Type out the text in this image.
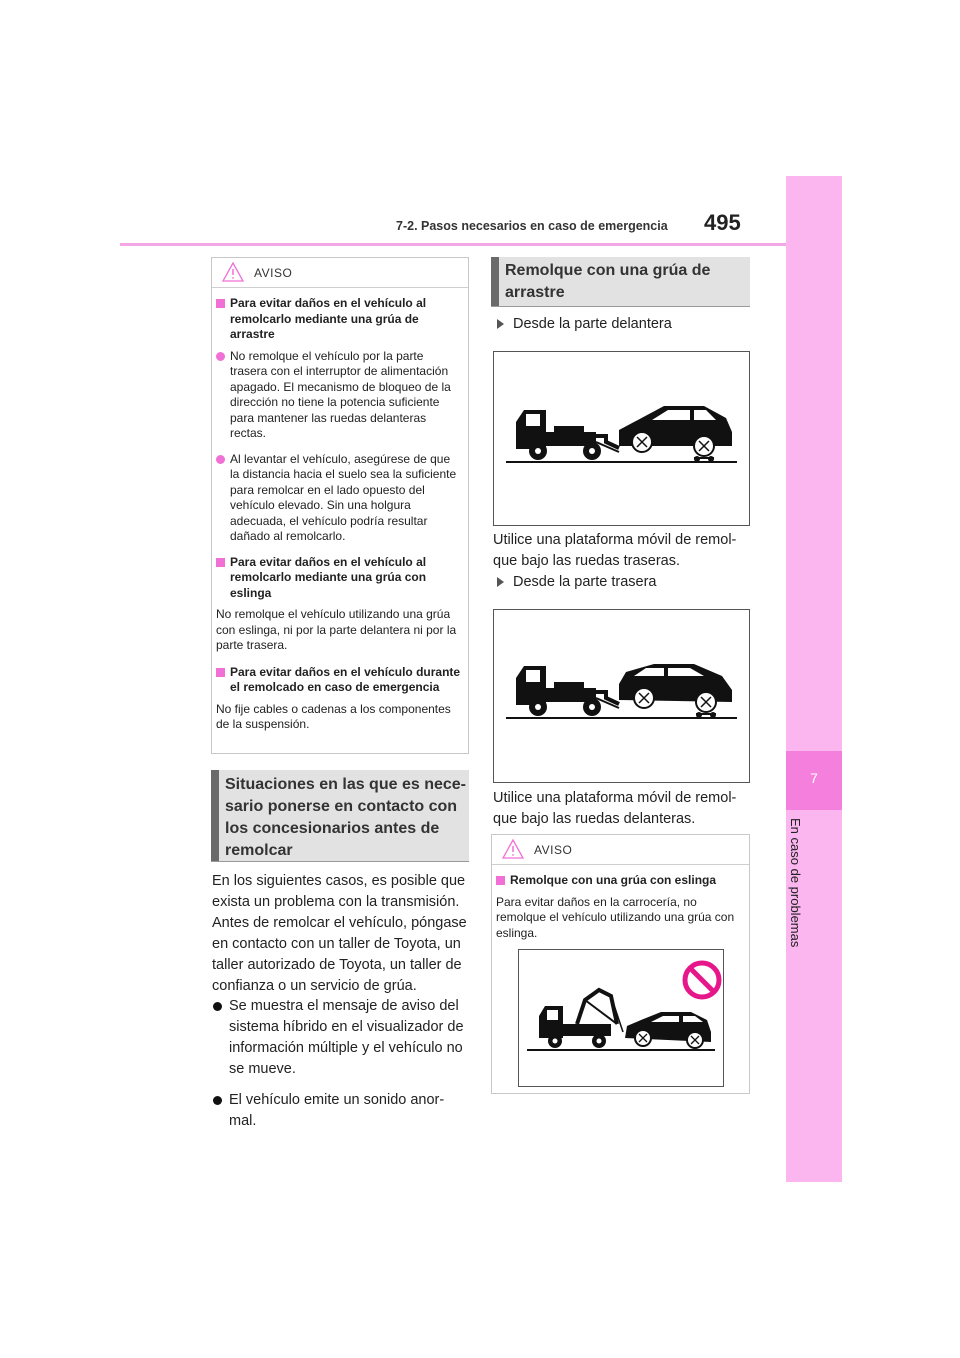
7-2. Pasos necesarios en caso de emergencia 495
7
En caso de problemas
AVISO
Para evitar daños en el vehículo al remolcarlo mediante una grúa de arrastre
No remolque el vehículo por la parte trasera con el interruptor de alimentación apagado. El mecanismo de bloqueo de la dirección no tiene la potencia suficiente para mantener las ruedas delanteras rectas.
Al levantar el vehículo, asegúrese de que la distancia hacia el suelo sea la suficiente para remolcar en el lado opuesto del vehículo elevado. Sin una holgura adecuada, el vehículo podría resultar dañado al remolcarlo.
Para evitar daños en el vehículo al remolcarlo mediante una grúa con eslinga
No remolque el vehículo utilizando una grúa con eslinga, ni por la parte delantera ni por la parte trasera.
Para evitar daños en el vehículo durante el remolcado en caso de emergencia
No fije cables o cadenas a los componentes de la suspensión.
Situaciones en las que es nece-
sario ponerse en contacto con
los concesionarios antes de
remolcar
En los siguientes casos, es posible que
exista un problema con la transmisión.
Antes de remolcar el vehículo, póngase
en contacto con un taller de Toyota, un
taller autorizado de Toyota, un taller de
confianza o un servicio de grúa.
Se muestra el mensaje de aviso del
sistema híbrido en el visualizador de
información múltiple y el vehículo no
se mueve.
El vehículo emite un sonido anor-
mal.
Remolque con una grúa de
arrastre
Desde la parte delantera
Utilice una plataforma móvil de remol-
que bajo las ruedas traseras.
Desde la parte trasera
Utilice una plataforma móvil de remol-
que bajo las ruedas delanteras.
AVISO
Remolque con una grúa con eslinga
Para evitar daños en la carrocería, no remolque el vehículo utilizando una grúa con eslinga.
